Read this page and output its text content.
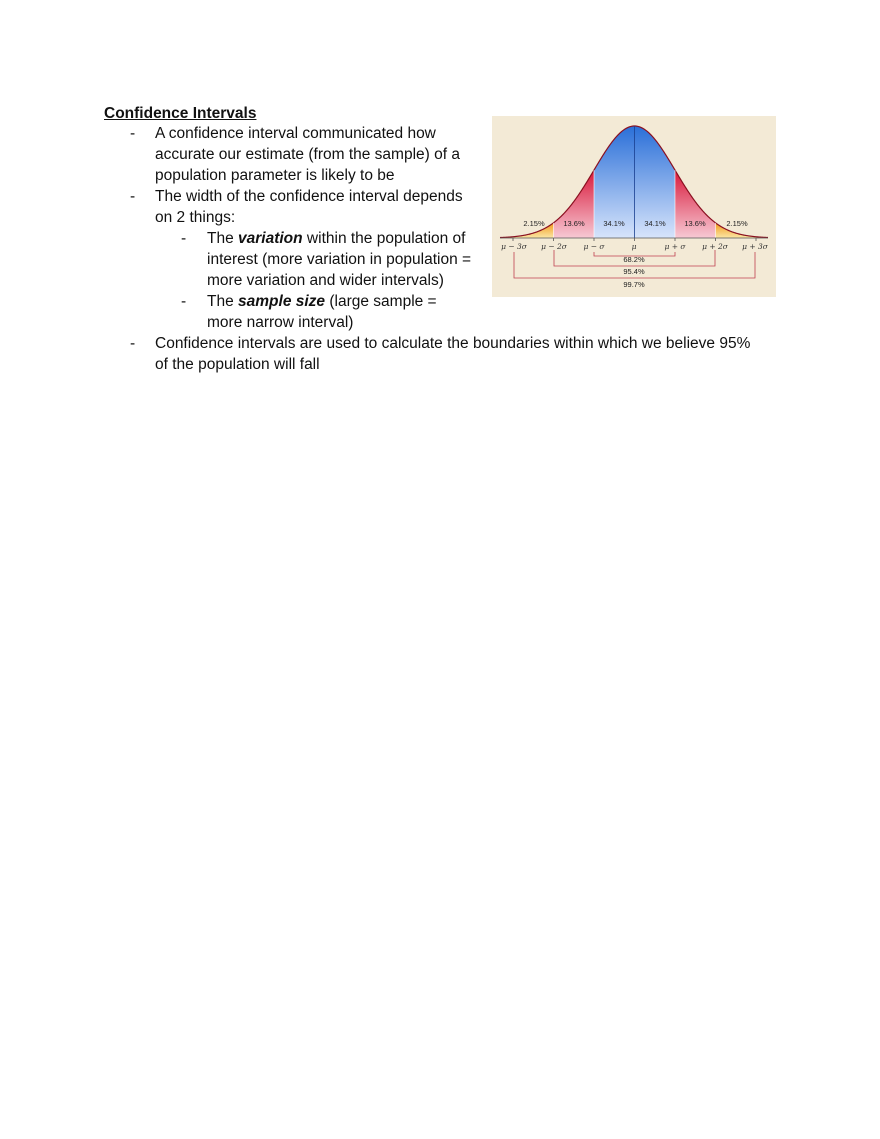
Confidence Intervals
- A confidence interval communicated how
accurate our estimate (from the sample) of a
population parameter is likely to be
- The width of the confidence interval depends
on 2 things:
- The variation within the population of
interest (more variation in population =
more variation and wider intervals)
- The sample size (large sample =
more narrow interval)
- Confidence intervals are used to calculate the boundaries within which we believe 95%
of the population will fall
2.15% 13.6% 34.1%	34.1% 13.6%	2.15%
μ − 3σ μ − 2σ μ − σ	μ	μ + σ μ + 2σ μ + 3σ
68.2%
95.4%
99.7%
